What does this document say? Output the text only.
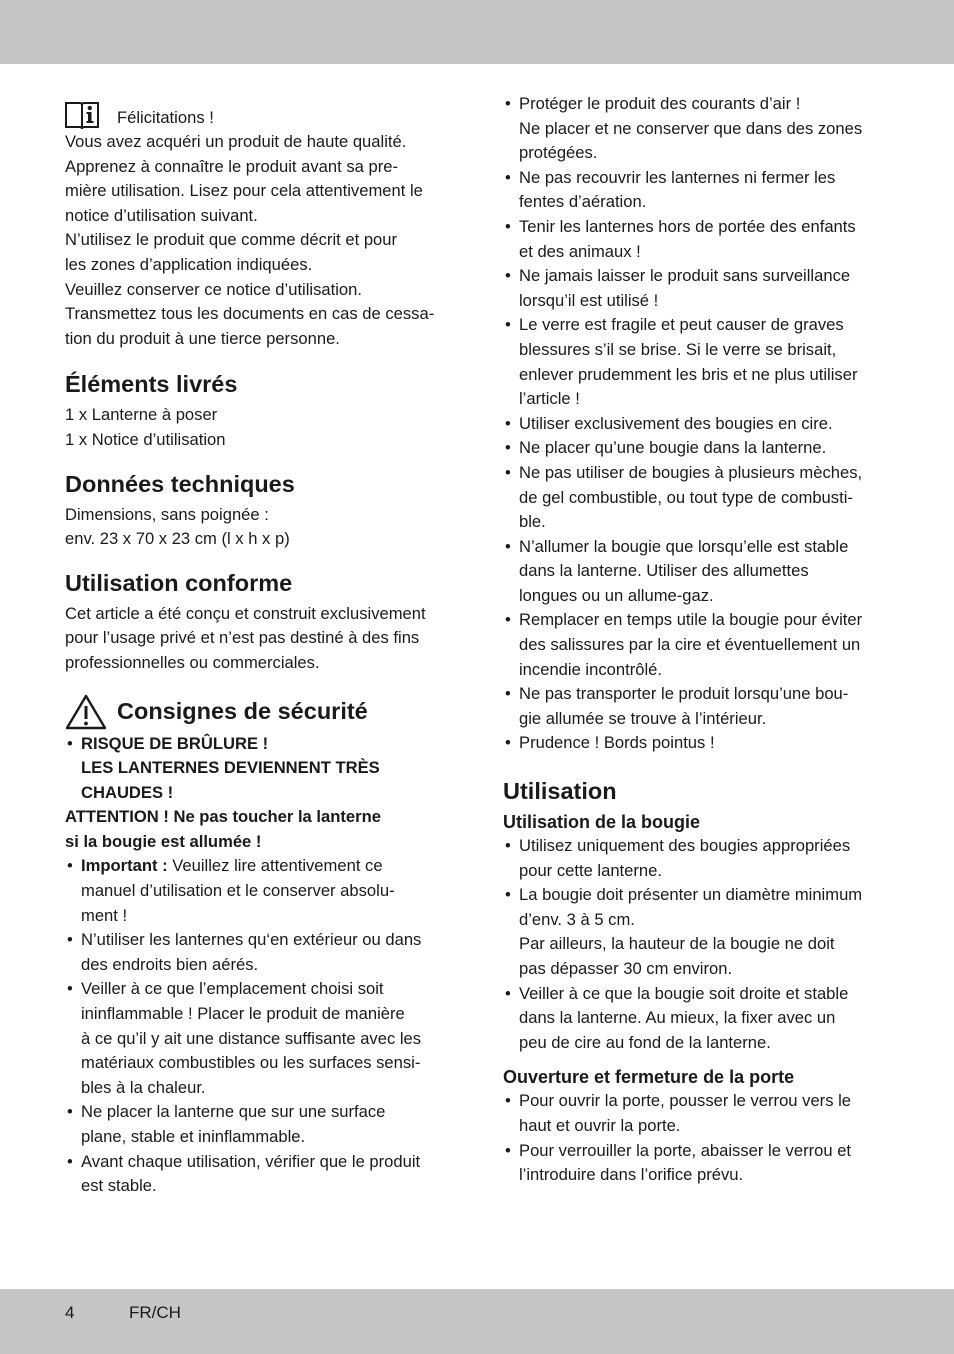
Félicitations !

Vous avez acquéri un produit de haute qualité.

Apprenez à connaître le produit avant sa pre-

mière utilisation. Lisez pour cela attentivement le

notice d’utilisation suivant.

N’utilisez le produit que comme décrit et pour

les zones d’application indiquées.

Veuillez conserver ce notice d’utilisation.

Transmettez tous les documents en cas de cessa-

tion du produit à une tierce personne.

Éléments livrés

1 x Lanterne à poser

1 x Notice d’utilisation

Données techniques

Dimensions, sans poignée :

env. 23 x 70 x 23 cm (l x h x p)

Utilisation conforme

Cet article a été conçu et construit exclusivement

pour l’usage privé et n’est pas destiné à des fins

professionnelles ou commerciales.

Consignes de sécurité

• RISQUE DE BRÛLURE !

LES LANTERNES DEVIENNENT TRÈS

CHAUDES !

ATTENTION ! Ne pas toucher la lanterne

si la bougie est allumée !

• Important : Veuillez lire attentivement ce
manuel d’utilisation et le conserver absolu-
ment !
• N’utiliser les lanternes qu‘en extérieur ou dans
des endroits bien aérés.
• Veiller à ce que l’emplacement choisi soit
ininflammable ! Placer le produit de manière
à ce qu’il y ait une distance suffisante avec les
matériaux combustibles ou les surfaces sensi-
bles à la chaleur.
• Ne placer la lanterne que sur une surface
plane, stable et ininflammable.
• Avant chaque utilisation, vérifier que le produit
est stable.
• Protéger le produit des courants d’air !
Ne placer et ne conserver que dans des zones
protégées.
• Ne pas recouvrir les lanternes ni fermer les
fentes d’aération.
• Tenir les lanternes hors de portée des enfants
et des animaux !
• Ne jamais laisser le produit sans surveillance
lorsqu’il est utilisé !
• Le verre est fragile et peut causer de graves
blessures s’il se brise. Si le verre se brisait,
enlever prudemment les bris et ne plus utiliser
l’article !
• Utiliser exclusivement des bougies en cire.
• Ne placer qu’une bougie dans la lanterne.
• Ne pas utiliser de bougies à plusieurs mèches,
de gel combustible, ou tout type de combusti-
ble.
• N’allumer la bougie que lorsqu’elle est stable
dans la lanterne. Utiliser des allumettes
longues ou un allume-gaz.
• Remplacer en temps utile la bougie pour éviter
des salissures par la cire et éventuellement un
incendie incontrôlé.
• Ne pas transporter le produit lorsqu’une bou-
gie allumée se trouve à l’intérieur.
• Prudence ! Bords pointus !
Utilisation
Utilisation de la bougie
• Utilisez uniquement des bougies appropriées
pour cette lanterne.
• La bougie doit présenter un diamètre minimum
d’env. 3 à 5 cm.
Par ailleurs, la hauteur de la bougie ne doit
pas dépasser 30 cm environ.
• Veiller à ce que la bougie soit droite et stable
dans la lanterne. Au mieux, la fixer avec un
peu de cire au fond de la lanterne.
Ouverture et fermeture de la porte
• Pour ouvrir la porte, pousser le verrou vers le
haut et ouvrir la porte.
• Pour verrouiller la porte, abaisser le verrou et
l’introduire dans l’orifice prévu.
4	FR/CH
